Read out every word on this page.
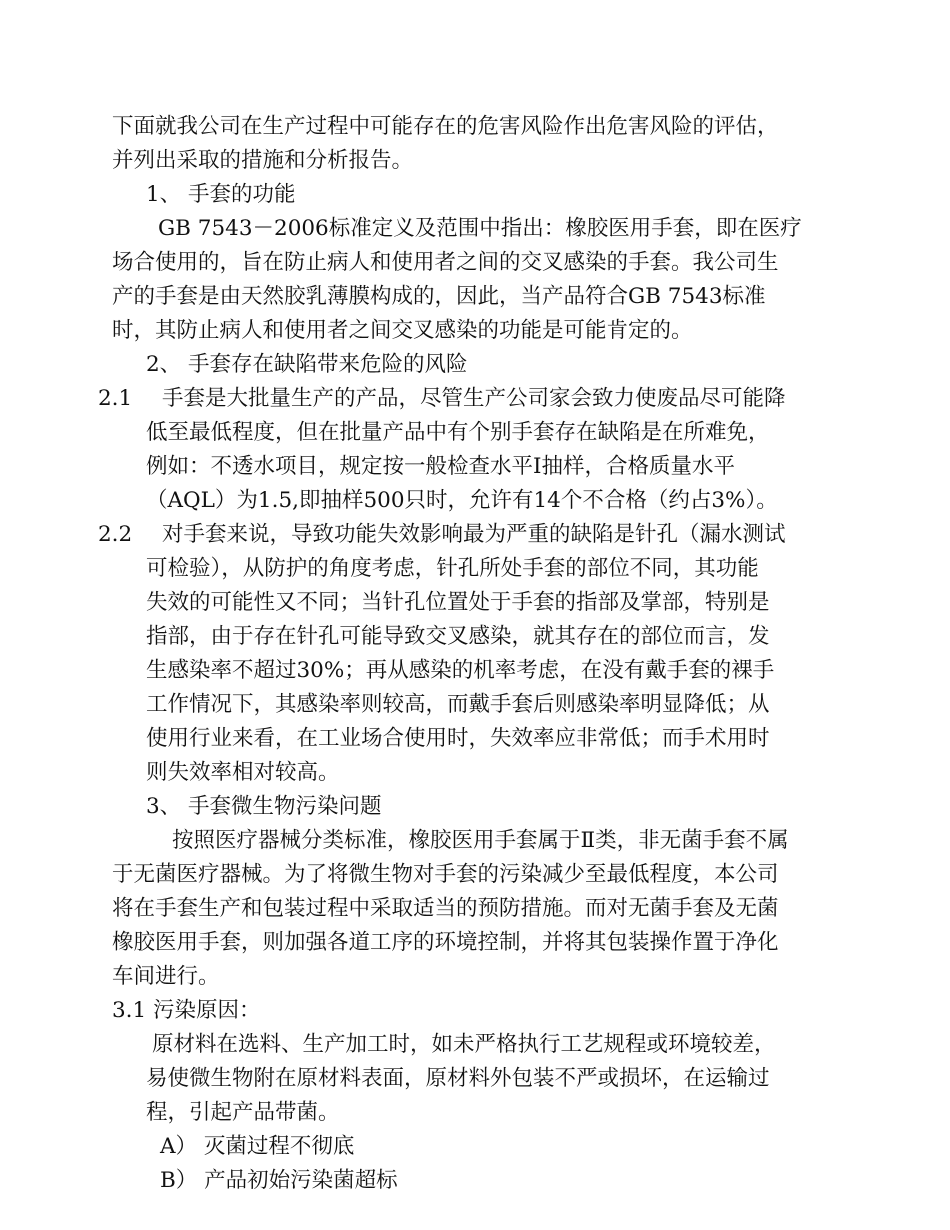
下面就我公司在生产过程中可能存在的危害风险作出危害风险的评估，
并列出采取的措施和分析报告。
1、 手套的功能
GB 7543－2006标准定义及范围中指出：橡胶医用手套，即在医疗
场合使用的，旨在防止病人和使用者之间的交叉感染的手套。我公司生
产的手套是由天然胶乳薄膜构成的，因此，当产品符合GB 7543标准
时，其防止病人和使用者之间交叉感染的功能是可能肯定的。
2、 手套存在缺陷带来危险的风险
2.1 手套是大批量生产的产品，尽管生产公司家会致力使废品尽可能降
低至最低程度，但在批量产品中有个别手套存在缺陷是在所难免，
例如：不透水项目，规定按一般检查水平Ⅰ抽样，合格质量水平
（AQL）为1.5,即抽样500只时，允许有14个不合格（约占3%）。
2.2 对手套来说，导致功能失效影响最为严重的缺陷是针孔（漏水测试
可检验），从防护的角度考虑，针孔所处手套的部位不同，其功能
失效的可能性又不同；当针孔位置处于手套的指部及掌部，特别是
指部，由于存在针孔可能导致交叉感染，就其存在的部位而言，发
生感染率不超过30%；再从感染的机率考虑，在没有戴手套的裸手
工作情况下，其感染率则较高，而戴手套后则感染率明显降低；从
使用行业来看，在工业场合使用时，失效率应非常低；而手术用时
则失效率相对较高。
3、 手套微生物污染问题
按照医疗器械分类标准，橡胶医用手套属于Ⅱ类，非无菌手套不属
于无菌医疗器械。为了将微生物对手套的污染减少至最低程度，本公司
将在手套生产和包装过程中采取适当的预防措施。而对无菌手套及无菌
橡胶医用手套，则加强各道工序的环境控制，并将其包装操作置于净化
车间进行。
3.1 污染原因：
原材料在选料、生产加工时，如未严格执行工艺规程或环境较差，
易使微生物附在原材料表面，原材料外包装不严或损坏，在运输过
程，引起产品带菌。
A） 灭菌过程不彻底
B） 产品初始污染菌超标
